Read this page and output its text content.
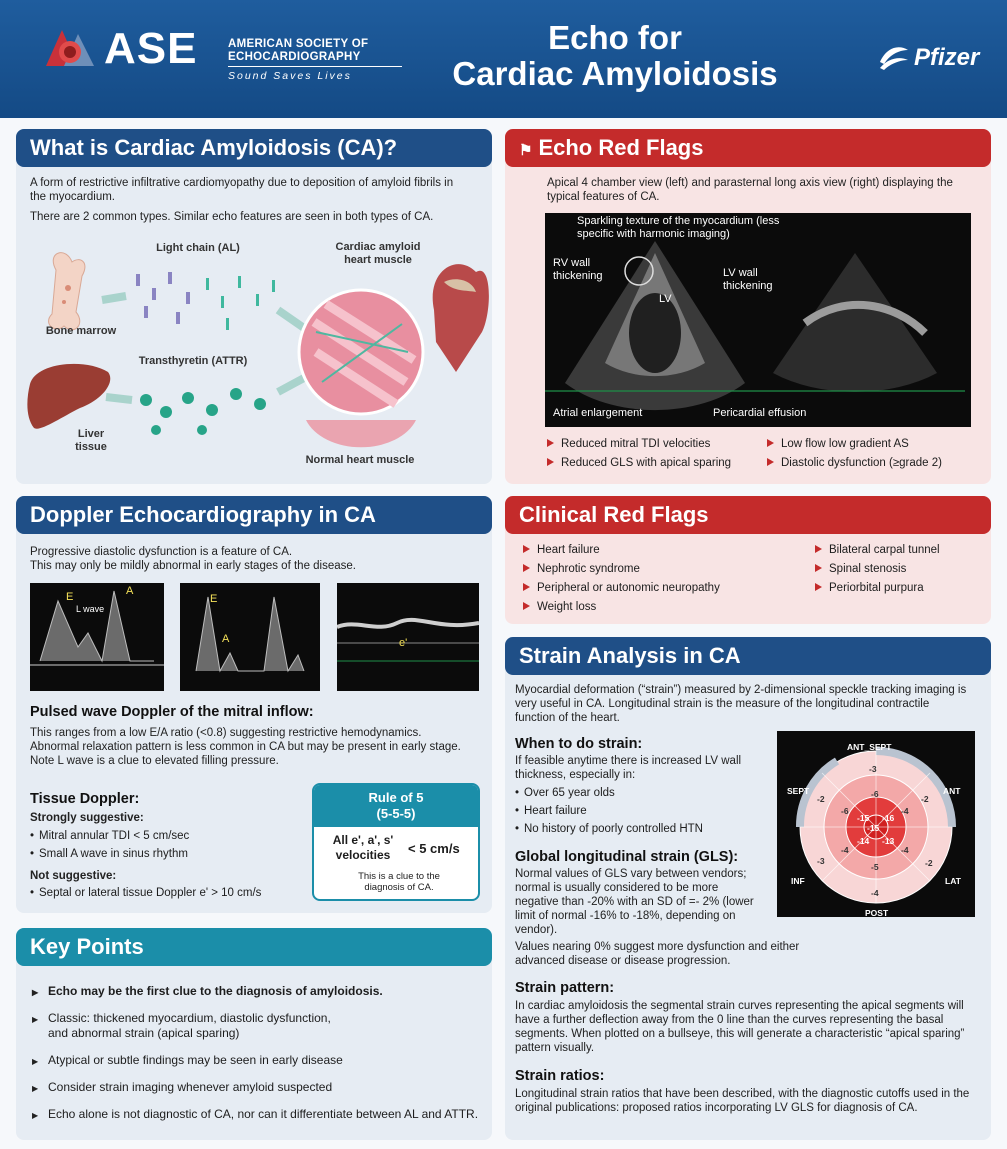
ASE	AMERICAN SOCIETY OF
ECHOCARDIOGRAPHY
Sound Saves Lives
Echo for
Cardiac Amyloidosis	Pfizer
What is Cardiac Amyloidosis (CA)?
A form of restrictive infiltrative cardiomyopathy due to deposition of amyloid fibrils in the myocardium.
There are 2 common types. Similar echo features are seen in both types of CA.
Light chain (AL)
Bone marrow
Transthyretin (ATTR)
Liver tissue
Cardiac amyloid heart muscle
Normal heart muscle
⚑ Echo Red Flags
Apical 4 chamber view (left) and parasternal long axis view (right) displaying the typical features of CA.
Sparkling texture of the myocardium (less specific with harmonic imaging)
RV wall thickening
LV
LV wall thickening
Atrial enlargement	Pericardial effusion
Reduced mitral TDI velocities
Reduced GLS with apical sparing
Low flow low gradient AS
Diastolic dysfunction (≥grade 2)
Doppler Echocardiography in CA
Progressive diastolic dysfunction is a feature of CA.
This may only be mildly abnormal in early stages of the disease.
E	A
L wave
E
A	e'
Pulsed wave Doppler of the mitral inflow:
This ranges from a low E/A ratio (<0.8) suggesting restrictive hemodynamics. Abnormal relaxation pattern is less common in CA but may be present in early stage. Note L wave is a clue to elevated filling pressure.
Tissue Doppler:
Strongly suggestive:
• Mitral annular TDI < 5 cm/sec
• Small A wave in sinus rhythm
Not suggestive:
• Septal or lateral tissue Doppler e' > 10 cm/s
Rule of 5
(5-5-5)
All e', a', s' velocities	< 5 cm/s
This is a clue to the diagnosis of CA.
Clinical Red Flags
Heart failure
Nephrotic syndrome
Peripheral or autonomic neuropathy
Weight loss
Bilateral carpal tunnel
Spinal stenosis
Periorbital purpura
Key Points
▶ Echo may be the first clue to the diagnosis of amyloidosis.
▶ Classic: thickened myocardium, diastolic dysfunction, and abnormal strain (apical sparing)
▶ Atypical or subtle findings may be seen in early disease
▶ Consider strain imaging whenever amyloid suspected
▶ Echo alone is not diagnostic of CA, nor can it differentiate between AL and ATTR.
Strain Analysis in CA
Myocardial deformation (“strain”) measured by 2-dimensional speckle tracking imaging is very useful in CA. Longitudinal strain is the measure of the longitudinal contractile function of the heart.
When to do strain:
If feasible anytime there is increased LV wall thickness, especially in:
• Over 65 year olds
• Heart failure
• No history of poorly controlled HTN
Global longitudinal strain (GLS):
Normal values of GLS vary between vendors; normal is usually considered to be more negative than -20% with an SD of =- 2% (lower limit of normal -16% to -18%, depending on vendor).
Values nearing 0% suggest more dysfunction and either advanced disease or disease progression.
Strain pattern:
In cardiac amyloidosis the segmental strain curves representing the apical segments will have a further deflection away from the 0 line than the curves representing the basal segments. When plotted on a bullseye, this will generate a characteristic “apical sparing” pattern visually.
Strain ratios:
Longitudinal strain ratios that have been described, with the diagnostic cutoffs used in the original publications: proposed ratios incorporating LV GLS for diagnosis of CA.
ANT_SEPT
ANT
LAT
POST
INF
SEPT
-15
-15 -16
-13
-14
-6
-4
-4
-5
-4
-6
-3
-2
-2
-4
-3
-2
